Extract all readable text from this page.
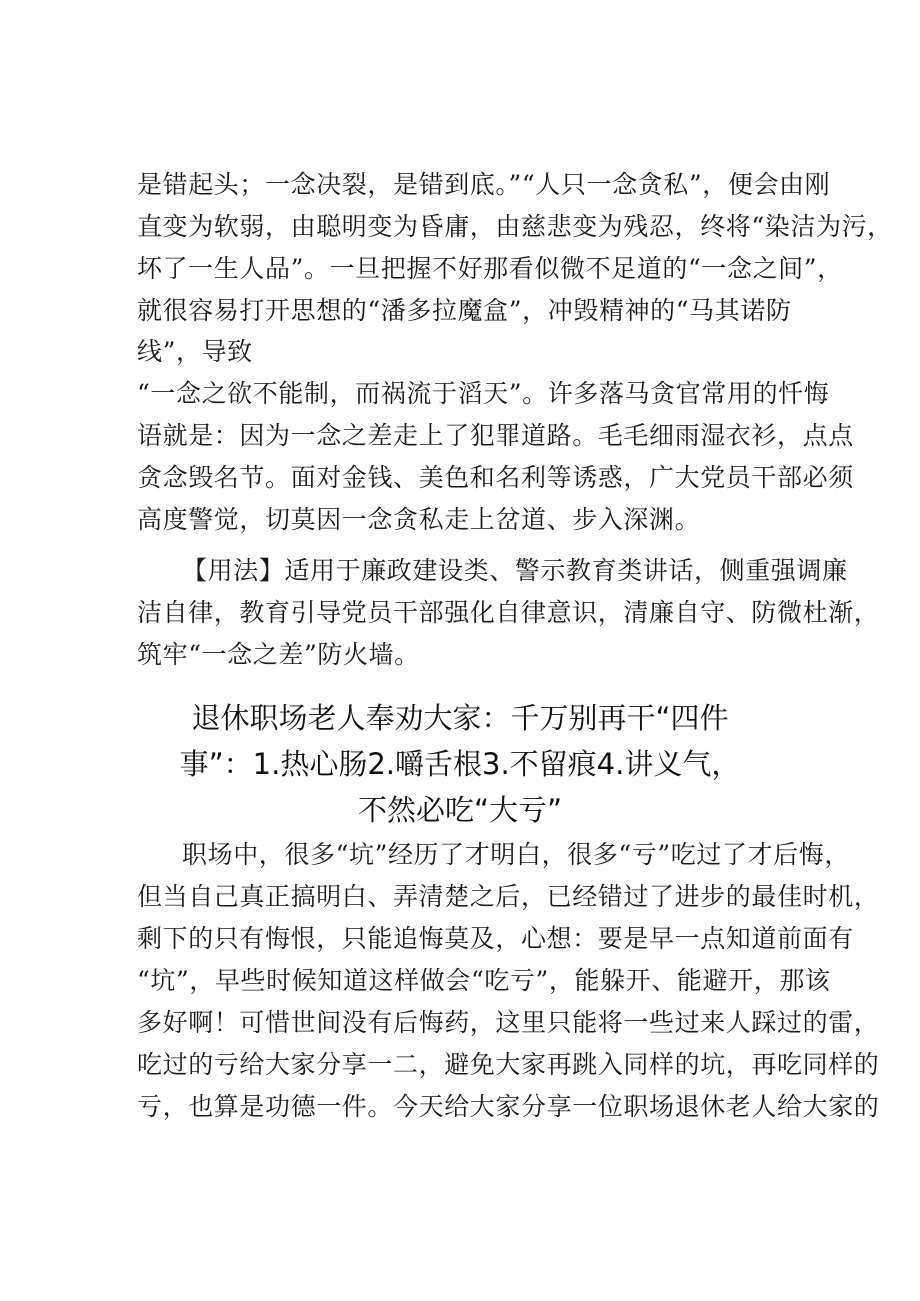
是错起头；一念决裂，是错到底。”“人只一念贪私”，便会由刚
直变为软弱，由聪明变为昏庸，由慈悲变为残忍，终将“染洁为污，
坏了一生人品”。一旦把握不好那看似微不足道的“一念之间”，
就很容易打开思想的“潘多拉魔盒”，冲毁精神的“马其诺防
线”，导致
“一念之欲不能制，而祸流于滔天”。许多落马贪官常用的忏悔
语就是：因为一念之差走上了犯罪道路。毛毛细雨湿衣衫，点点
贪念毁名节。面对金钱、美色和名利等诱惑，广大党员干部必须
高度警觉，切莫因一念贪私走上岔道、步入深渊。
【用法】适用于廉政建设类、警示教育类讲话，侧重强调廉
洁自律，教育引导党员干部强化自律意识，清廉自守、防微杜渐，
筑牢“一念之差”防火墙。
退休职场老人奉劝大家：千万别再干“四件
事”：1.热心肠2.嚼舌根3.不留痕4.讲义气，
不然必吃“大亏”
职场中，很多“坑”经历了才明白，很多“亏”吃过了才后悔，
但当自己真正搞明白、弄清楚之后，已经错过了进步的最佳时机，
剩下的只有悔恨，只能追悔莫及，心想：要是早一点知道前面有
“坑”，早些时候知道这样做会“吃亏”，能躲开、能避开，那该
多好啊！可惜世间没有后悔药，这里只能将一些过来人踩过的雷，
吃过的亏给大家分享一二，避免大家再跳入同样的坑，再吃同样的
亏，也算是功德一件。今天给大家分享一位职场退休老人给大家的
